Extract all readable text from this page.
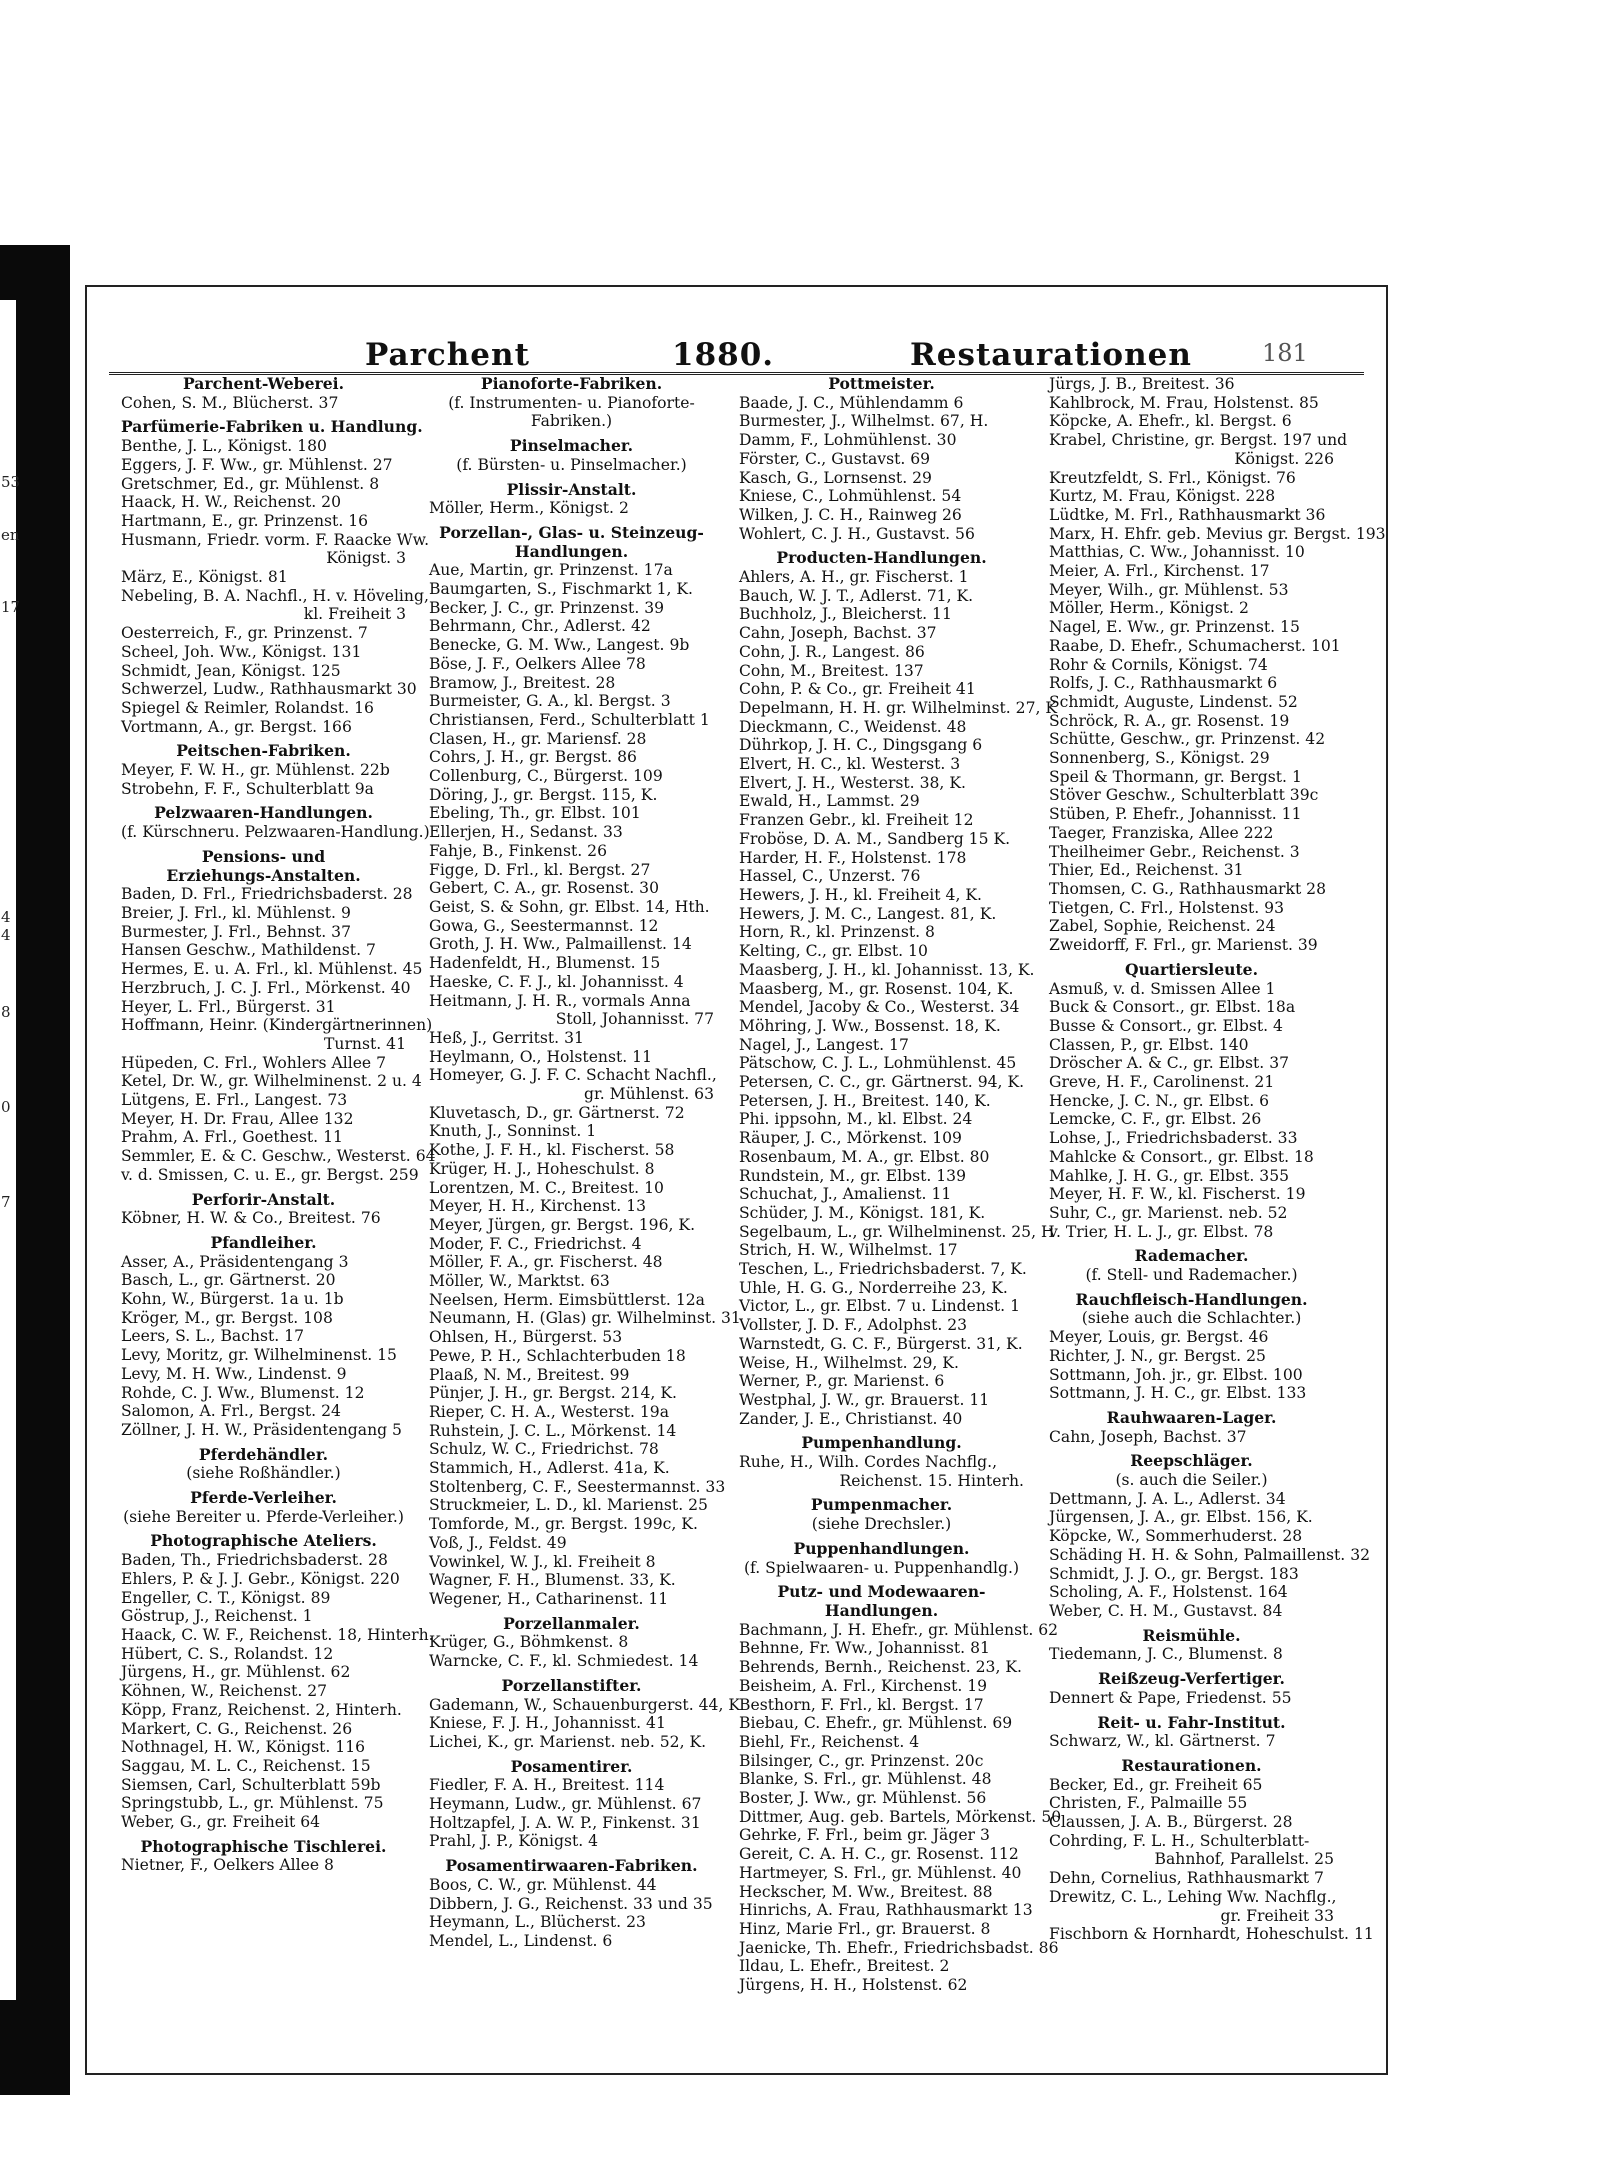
53
en
17
4
4
8
0
7
Parchent	1880.	Restaurationen	181
Parchent-Weberei.
Cohen, S. M., Blücherst. 37
Parfümerie-Fabriken u. Handlung.
Benthe, J. L., Königst. 180
Eggers, J. F. Ww., gr. Mühlenst. 27
Gretschmer, Ed., gr. Mühlenst. 8
Haack, H. W., Reichenst. 20
Hartmann, E., gr. Prinzenst. 16
Husmann, Friedr. vorm. F. Raacke Ww.
Königst. 3
März, E., Königst. 81
Nebeling, B. A. Nachfl., H. v. Höveling,
kl. Freiheit 3
Oesterreich, F., gr. Prinzenst. 7
Scheel, Joh. Ww., Königst. 131
Schmidt, Jean, Königst. 125
Schwerzel, Ludw., Rathhausmarkt 30
Spiegel & Reimler, Rolandst. 16
Vortmann, A., gr. Bergst. 166
Peitschen-Fabriken.
Meyer, F. W. H., gr. Mühlenst. 22b
Strobehn, F. F., Schulterblatt 9a
Pelzwaaren-Handlungen.
(f. Kürschneru. Pelzwaaren-Handlung.)
Pensions- und Erziehungs-Anstalten.
Baden, D. Frl., Friedrichsbaderst. 28
Breier, J. Frl., kl. Mühlenst. 9
Burmester, J. Frl., Behnst. 37
Hansen Geschw., Mathildenst. 7
Hermes, E. u. A. Frl., kl. Mühlenst. 45
Herzbruch, J. C. J. Frl., Mörkenst. 40
Heyer, L. Frl., Bürgerst. 31
Hoffmann, Heinr. (Kindergärtnerinnen)
Turnst. 41
Hüpeden, C. Frl., Wohlers Allee 7
Ketel, Dr. W., gr. Wilhelminenst. 2 u. 4
Lütgens, E. Frl., Langest. 73
Meyer, H. Dr. Frau, Allee 132
Prahm, A. Frl., Goethest. 11
Semmler, E. & C. Geschw., Westerst. 64
v. d. Smissen, C. u. E., gr. Bergst. 259
Perforir-Anstalt.
Köbner, H. W. & Co., Breitest. 76
Pfandleiher.
Asser, A., Präsidentengang 3
Basch, L., gr. Gärtnerst. 20
Kohn, W., Bürgerst. 1a u. 1b
Kröger, M., gr. Bergst. 108
Leers, S. L., Bachst. 17
Levy, Moritz, gr. Wilhelminenst. 15
Levy, M. H. Ww., Lindenst. 9
Rohde, C. J. Ww., Blumenst. 12
Salomon, A. Frl., Bergst. 24
Zöllner, J. H. W., Präsidentengang 5
Pferdehändler.
(siehe Roßhändler.)
Pferde-Verleiher.
(siehe Bereiter u. Pferde-Verleiher.)
Photographische Ateliers.
Baden, Th., Friedrichsbaderst. 28
Ehlers, P. & J. J. Gebr., Königst. 220
Engeller, C. T., Königst. 89
Göstrup, J., Reichenst. 1
Haack, C. W. F., Reichenst. 18, Hinterh.
Hübert, C. S., Rolandst. 12
Jürgens, H., gr. Mühlenst. 62
Köhnen, W., Reichenst. 27
Köpp, Franz, Reichenst. 2, Hinterh.
Markert, C. G., Reichenst. 26
Nothnagel, H. W., Königst. 116
Saggau, M. L. C., Reichenst. 15
Siemsen, Carl, Schulterblatt 59b
Springstubb, L., gr. Mühlenst. 75
Weber, G., gr. Freiheit 64
Photographische Tischlerei.
Nietner, F., Oelkers Allee 8
Pianoforte-Fabriken.
(f. Instrumenten- u. Pianoforte-Fabriken.)
Pinselmacher.
(f. Bürsten- u. Pinselmacher.)
Plissir-Anstalt.
Möller, Herm., Königst. 2
Porzellan-, Glas- u. Steinzeug-Handlungen.
Aue, Martin, gr. Prinzenst. 17a
Baumgarten, S., Fischmarkt 1, K.
Becker, J. C., gr. Prinzenst. 39
Behrmann, Chr., Adlerst. 42
Benecke, G. M. Ww., Langest. 9b
Böse, J. F., Oelkers Allee 78
Bramow, J., Breitest. 28
Burmeister, G. A., kl. Bergst. 3
Christiansen, Ferd., Schulterblatt 1
Clasen, H., gr. Mariensf. 28
Cohrs, J. H., gr. Bergst. 86
Collenburg, C., Bürgerst. 109
Döring, J., gr. Bergst. 115, K.
Ebeling, Th., gr. Elbst. 101
Ellerjen, H., Sedanst. 33
Fahje, B., Finkenst. 26
Figge, D. Frl., kl. Bergst. 27
Gebert, C. A., gr. Rosenst. 30
Geist, S. & Sohn, gr. Elbst. 14, Hth.
Gowa, G., Seestermannst. 12
Groth, J. H. Ww., Palmaillenst. 14
Hadenfeldt, H., Blumenst. 15
Haeske, C. F. J., kl. Johannisst. 4
Heitmann, J. H. R., vormals Anna
Stoll, Johannisst. 77
Heß, J., Gerritst. 31
Heylmann, O., Holstenst. 11
Homeyer, G. J. F. C. Schacht Nachfl.,
gr. Mühlenst. 63
Kluvetasch, D., gr. Gärtnerst. 72
Knuth, J., Sonninst. 1
Kothe, J. F. H., kl. Fischerst. 58
Krüger, H. J., Hoheschulst. 8
Lorentzen, M. C., Breitest. 10
Meyer, H. H., Kirchenst. 13
Meyer, Jürgen, gr. Bergst. 196, K.
Moder, F. C., Friedrichst. 4
Möller, F. A., gr. Fischerst. 48
Möller, W., Marktst. 63
Neelsen, Herm. Eimsbüttlerst. 12a
Neumann, H. (Glas) gr. Wilhelminst. 31
Ohlsen, H., Bürgerst. 53
Pewe, P. H., Schlachterbuden 18
Plaaß, N. M., Breitest. 99
Pünjer, J. H., gr. Bergst. 214, K.
Rieper, C. H. A., Westerst. 19a
Ruhstein, J. C. L., Mörkenst. 14
Schulz, W. C., Friedrichst. 78
Stammich, H., Adlerst. 41a, K.
Stoltenberg, C. F., Seestermannst. 33
Struckmeier, L. D., kl. Marienst. 25
Tomforde, M., gr. Bergst. 199c, K.
Voß, J., Feldst. 49
Vowinkel, W. J., kl. Freiheit 8
Wagner, F. H., Blumenst. 33, K.
Wegener, H., Catharinenst. 11
Porzellanmaler.
Krüger, G., Böhmkenst. 8
Warncke, C. F., kl. Schmiedest. 14
Porzellanstifter.
Gademann, W., Schauenburgerst. 44, K
Kniese, F. J. H., Johannisst. 41
Lichei, K., gr. Marienst. neb. 52, K.
Posamentirer.
Fiedler, F. A. H., Breitest. 114
Heymann, Ludw., gr. Mühlenst. 67
Holtzapfel, J. A. W. P., Finkenst. 31
Prahl, J. P., Königst. 4
Posamentirwaaren-Fabriken.
Boos, C. W., gr. Mühlenst. 44
Dibbern, J. G., Reichenst. 33 und 35
Heymann, L., Blücherst. 23
Mendel, L., Lindenst. 6
Pottmeister.
Baade, J. C., Mühlendamm 6
Burmester, J., Wilhelmst. 67, H.
Damm, F., Lohmühlenst. 30
Förster, C., Gustavst. 69
Kasch, G., Lornsenst. 29
Kniese, C., Lohmühlenst. 54
Wilken, J. C. H., Rainweg 26
Wohlert, C. J. H., Gustavst. 56
Producten-Handlungen.
Ahlers, A. H., gr. Fischerst. 1
Bauch, W. J. T., Adlerst. 71, K.
Buchholz, J., Bleicherst. 11
Cahn, Joseph, Bachst. 37
Cohn, J. R., Langest. 86
Cohn, M., Breitest. 137
Cohn, P. & Co., gr. Freiheit 41
Depelmann, H. H. gr. Wilhelminst. 27, K
Dieckmann, C., Weidenst. 48
Dührkop, J. H. C., Dingsgang 6
Elvert, H. C., kl. Westerst. 3
Elvert, J. H., Westerst. 38, K.
Ewald, H., Lammst. 29
Franzen Gebr., kl. Freiheit 12
Froböse, D. A. M., Sandberg 15 K.
Harder, H. F., Holstenst. 178
Hassel, C., Unzerst. 76
Hewers, J. H., kl. Freiheit 4, K.
Hewers, J. M. C., Langest. 81, K.
Horn, R., kl. Prinzenst. 8
Kelting, C., gr. Elbst. 10
Maasberg, J. H., kl. Johannisst. 13, K.
Maasberg, M., gr. Rosenst. 104, K.
Mendel, Jacoby & Co., Westerst. 34
Möhring, J. Ww., Bossenst. 18, K.
Nagel, J., Langest. 17
Pätschow, C. J. L., Lohmühlenst. 45
Petersen, C. C., gr. Gärtnerst. 94, K.
Petersen, J. H., Breitest. 140, K.
Phi. ippsohn, M., kl. Elbst. 24
Räuper, J. C., Mörkenst. 109
Rosenbaum, M. A., gr. Elbst. 80
Rundstein, M., gr. Elbst. 139
Schuchat, J., Amalienst. 11
Schüder, J. M., Königst. 181, K.
Segelbaum, L., gr. Wilhelminenst. 25, H
Strich, H. W., Wilhelmst. 17
Teschen, L., Friedrichsbaderst. 7, K.
Uhle, H. G. G., Norderreihe 23, K.
Victor, L., gr. Elbst. 7 u. Lindenst. 1
Vollster, J. D. F., Adolphst. 23
Warnstedt, G. C. F., Bürgerst. 31, K.
Weise, H., Wilhelmst. 29, K.
Werner, P., gr. Marienst. 6
Westphal, J. W., gr. Brauerst. 11
Zander, J. E., Christianst. 40
Pumpenhandlung.
Ruhe, H., Wilh. Cordes Nachflg.,
Reichenst. 15. Hinterh.
Pumpenmacher.
(siehe Drechsler.)
Puppenhandlungen.
(f. Spielwaaren- u. Puppenhandlg.)
Putz- und Modewaaren-Handlungen.
Bachmann, J. H. Ehefr., gr. Mühlenst. 62
Behnne, Fr. Ww., Johannisst. 81
Behrends, Bernh., Reichenst. 23, K.
Beisheim, A. Frl., Kirchenst. 19
Besthorn, F. Frl., kl. Bergst. 17
Biebau, C. Ehefr., gr. Mühlenst. 69
Biehl, Fr., Reichenst. 4
Bilsinger, C., gr. Prinzenst. 20c
Blanke, S. Frl., gr. Mühlenst. 48
Boster, J. Ww., gr. Mühlenst. 56
Dittmer, Aug. geb. Bartels, Mörkenst. 50
Gehrke, F. Frl., beim gr. Jäger 3
Gereit, C. A. H. C., gr. Rosenst. 112
Hartmeyer, S. Frl., gr. Mühlenst. 40
Heckscher, M. Ww., Breitest. 88
Hinrichs, A. Frau, Rathhausmarkt 13
Hinz, Marie Frl., gr. Brauerst. 8
Jaenicke, Th. Ehefr., Friedrichsbadst. 86
Ildau, L. Ehefr., Breitest. 2
Jürgens, H. H., Holstenst. 62
Jürgs, J. B., Breitest. 36
Kahlbrock, M. Frau, Holstenst. 85
Köpcke, A. Ehefr., kl. Bergst. 6
Krabel, Christine, gr. Bergst. 197 und
Königst. 226
Kreutzfeldt, S. Frl., Königst. 76
Kurtz, M. Frau, Königst. 228
Lüdtke, M. Frl., Rathhausmarkt 36
Marx, H. Ehfr. geb. Mevius gr. Bergst. 193
Matthias, C. Ww., Johannisst. 10
Meier, A. Frl., Kirchenst. 17
Meyer, Wilh., gr. Mühlenst. 53
Möller, Herm., Königst. 2
Nagel, E. Ww., gr. Prinzenst. 15
Raabe, D. Ehefr., Schumacherst. 101
Rohr & Cornils, Königst. 74
Rolfs, J. C., Rathhausmarkt 6
Schmidt, Auguste, Lindenst. 52
Schröck, R. A., gr. Rosenst. 19
Schütte, Geschw., gr. Prinzenst. 42
Sonnenberg, S., Königst. 29
Speil & Thormann, gr. Bergst. 1
Stöver Geschw., Schulterblatt 39c
Stüben, P. Ehefr., Johannisst. 11
Taeger, Franziska, Allee 222
Theilheimer Gebr., Reichenst. 3
Thier, Ed., Reichenst. 31
Thomsen, C. G., Rathhausmarkt 28
Tietgen, C. Frl., Holstenst. 93
Zabel, Sophie, Reichenst. 24
Zweidorff, F. Frl., gr. Marienst. 39
Quartiersleute.
Asmuß, v. d. Smissen Allee 1
Buck & Consort., gr. Elbst. 18a
Busse & Consort., gr. Elbst. 4
Classen, P., gr. Elbst. 140
Dröscher A. & C., gr. Elbst. 37
Greve, H. F., Carolinenst. 21
Hencke, J. C. N., gr. Elbst. 6
Lemcke, C. F., gr. Elbst. 26
Lohse, J., Friedrichsbaderst. 33
Mahlcke & Consort., gr. Elbst. 18
Mahlke, J. H. G., gr. Elbst. 355
Meyer, H. F. W., kl. Fischerst. 19
Suhr, C., gr. Marienst. neb. 52
v. Trier, H. L. J., gr. Elbst. 78
Rademacher.
(f. Stell- und Rademacher.)
Rauchfleisch-Handlungen.
(siehe auch die Schlachter.)
Meyer, Louis, gr. Bergst. 46
Richter, J. N., gr. Bergst. 25
Sottmann, Joh. jr., gr. Elbst. 100
Sottmann, J. H. C., gr. Elbst. 133
Rauhwaaren-Lager.
Cahn, Joseph, Bachst. 37
Reepschläger.
(s. auch die Seiler.)
Dettmann, J. A. L., Adlerst. 34
Jürgensen, J. A., gr. Elbst. 156, K.
Köpcke, W., Sommerhuderst. 28
Schäding H. H. & Sohn, Palmaillenst. 32
Schmidt, J. J. O., gr. Bergst. 183
Scholing, A. F., Holstenst. 164
Weber, C. H. M., Gustavst. 84
Reismühle.
Tiedemann, J. C., Blumenst. 8
Reißzeug-Verfertiger.
Dennert & Pape, Friedenst. 55
Reit- u. Fahr-Institut.
Schwarz, W., kl. Gärtnerst. 7
Restaurationen.
Becker, Ed., gr. Freiheit 65
Christen, F., Palmaille 55
Claussen, J. A. B., Bürgerst. 28
Cohrding, F. L. H., Schulterblatt-
Bahnhof, Parallelst. 25
Dehn, Cornelius, Rathhausmarkt 7
Drewitz, C. L., Lehing Ww. Nachflg.,
gr. Freiheit 33
Fischborn & Hornhardt, Hoheschulst. 11
